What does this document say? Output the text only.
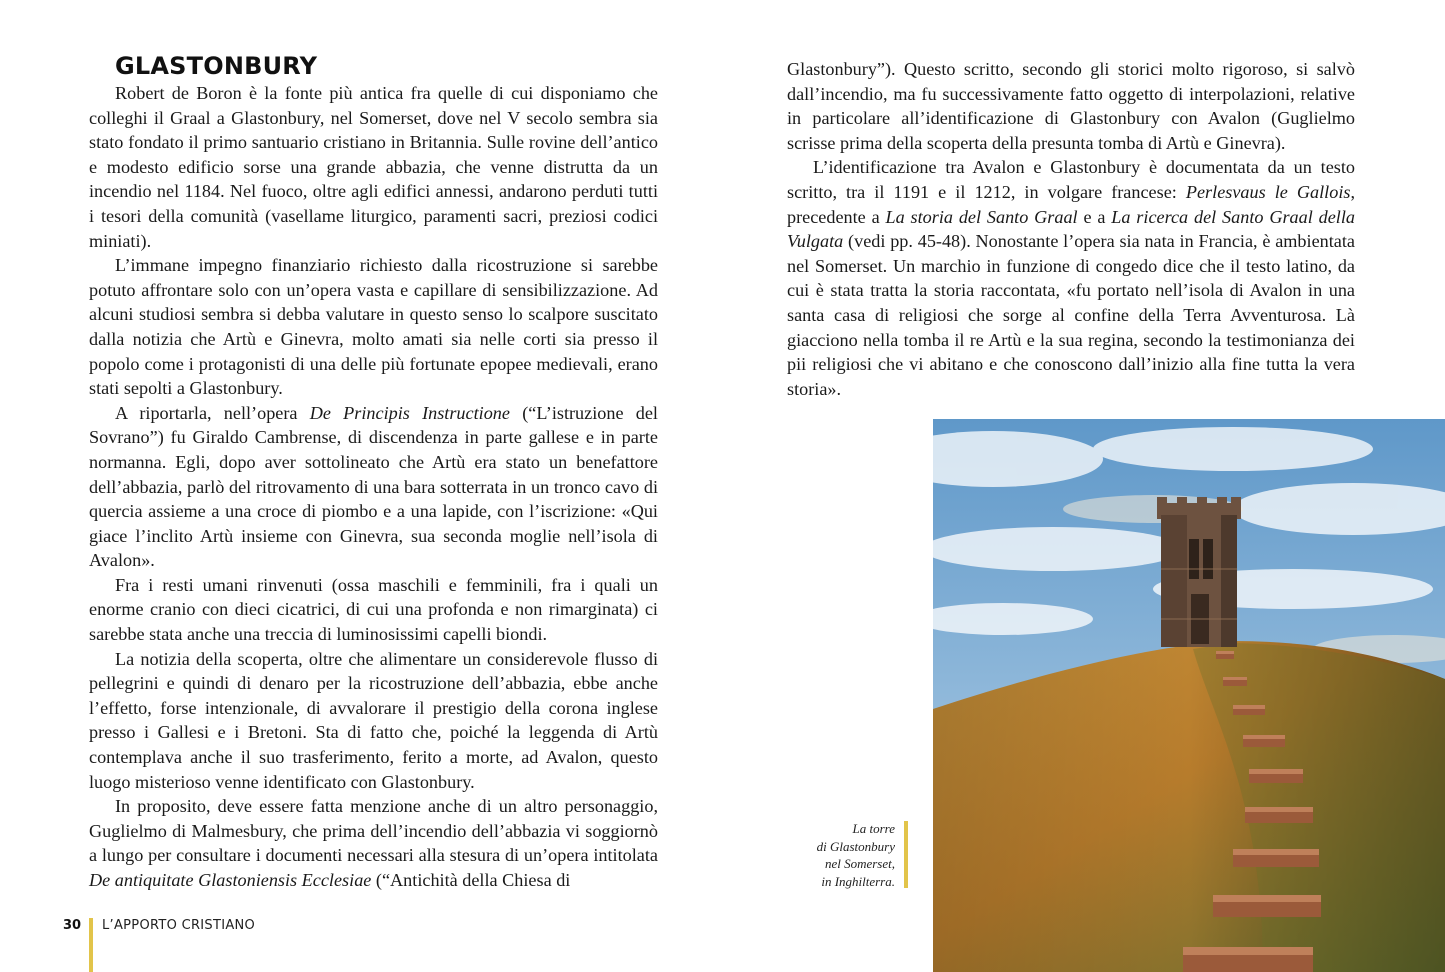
GLASTONBURY

Robert de Boron è la fonte più antica fra quelle di cui disponiamo che colleghi il Graal a Glastonbury, nel Somerset, dove nel V secolo sembra sia stato fondato il primo santuario cristiano in Britannia. Sulle rovine dell’antico e modesto edificio sorse una grande abbazia, che venne distrutta da un incendio nel 1184. Nel fuoco, oltre agli edifici annessi, andarono perduti tutti i tesori della comunità (vasellame liturgico, paramenti sacri, preziosi codici miniati).

L’immane impegno finanziario richiesto dalla ricostruzione si sarebbe potuto affrontare solo con un’opera vasta e capillare di sensibilizzazione. Ad alcuni studiosi sembra si debba valutare in questo senso lo scalpore suscitato dalla notizia che Artù e Ginevra, molto amati sia nelle corti sia presso il popolo come i protagonisti di una delle più fortunate epopee medievali, erano stati sepolti a Glastonbury.

A riportarla, nell’opera De Principis Instructione (“L’istruzione del Sovrano”) fu Giraldo Cambrense, di discendenza in parte gallese e in parte normanna. Egli, dopo aver sottolineato che Artù era stato un benefattore dell’abbazia, parlò del ritrovamento di una bara sotterrata in un tronco cavo di quercia assieme a una croce di piombo e a una lapide, con l’iscrizione: «Qui giace l’inclito Artù insieme con Ginevra, sua seconda moglie nell’isola di Avalon».

Fra i resti umani rinvenuti (ossa maschili e femminili, fra i quali un enorme cranio con dieci cicatrici, di cui una profonda e non rimarginata) ci sarebbe stata anche una treccia di luminosissimi capelli biondi.

La notizia della scoperta, oltre che alimentare un considerevole flusso di pellegrini e quindi di denaro per la ricostruzione dell’abbazia, ebbe anche l’effetto, forse intenzionale, di avvalorare il prestigio della corona inglese presso i Gallesi e i Bretoni. Sta di fatto che, poiché la leggenda di Artù contemplava anche il suo trasferimento, ferito a morte, ad Avalon, questo luogo misterioso venne identificato con Glastonbury.

In proposito, deve essere fatta menzione anche di un altro personaggio, Guglielmo di Malmesbury, che prima dell’incendio dell’abbazia vi soggiornò a lungo per consultare i documenti necessari alla stesura di un’opera intitolata De antiquitate Glastoniensis Ecclesiae (“Antichità della Chiesa di

Glastonbury”). Questo scritto, secondo gli storici molto rigoroso, si salvò dall’incendio, ma fu successivamente fatto oggetto di interpolazioni, relative in particolare all’identificazione di Glastonbury con Avalon (Guglielmo scrisse prima della scoperta della presunta tomba di Artù e Ginevra).

L’identificazione tra Avalon e Glastonbury è documentata da un testo scritto, tra il 1191 e il 1212, in volgare francese: Perlesvaus le Gallois, precedente a La storia del Santo Graal e a La ricerca del Santo Graal della Vulgata (vedi pp. 45-48). Nonostante l’opera sia nata in Francia, è ambientata nel Somerset. Un marchio in funzione di congedo dice che il testo latino, da cui è stata tratta la storia raccontata, «fu portato nell’isola di Avalon in una santa casa di religiosi che sorge al confine della Terra Avventurosa. Là giacciono nella tomba il re Artù e la sua regina, secondo la testimonianza dei pii religiosi che vi abitano e che conoscono dall’inizio alla fine tutta la vera storia».

La torre
di Glastonbury
nel Somerset,
in Inghilterra.
30 L’APPORTO CRISTIANO
